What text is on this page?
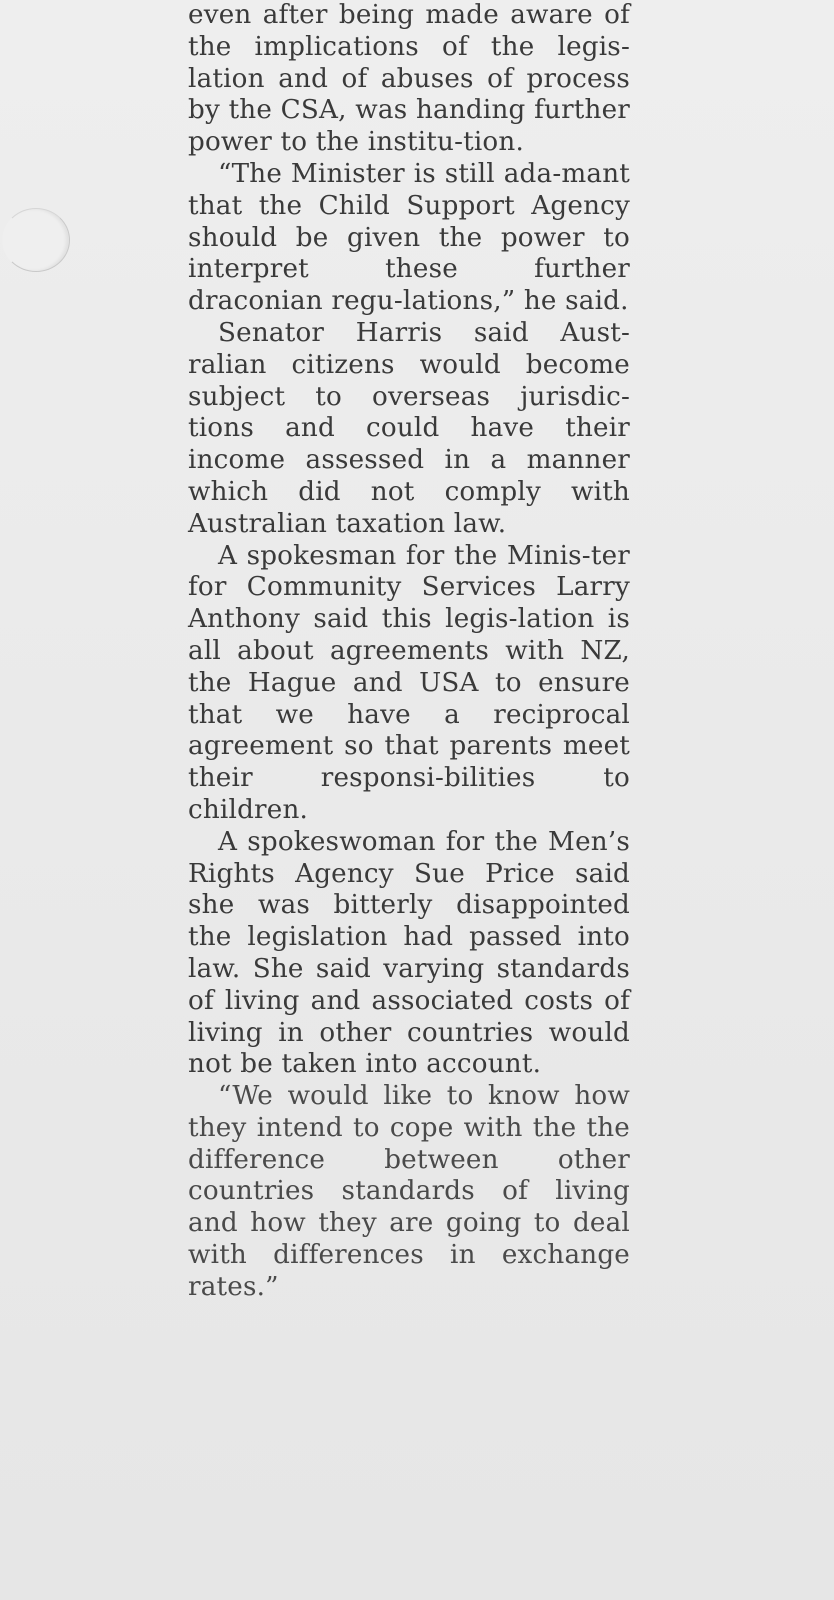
even after being made aware of the implications of the legis-lation and of abuses of process by the CSA, was handing further power to the institu-tion.

“The Minister is still ada-mant that the Child Support Agency should be given the power to interpret these further draconian regu-lations,” he said.

Senator Harris said Aust-ralian citizens would become subject to overseas jurisdic-tions and could have their income assessed in a manner which did not comply with Australian taxation law.

A spokesman for the Minis-ter for Community Services Larry Anthony said this legis-lation is all about agreements with NZ, the Hague and USA to ensure that we have a reciprocal agreement so that parents meet their responsi-bilities to children.

A spokeswoman for the Men’s Rights Agency Sue Price said she was bitterly disappointed the legislation had passed into law. She said varying standards of living and associated costs of living in other countries would not be taken into account.

“We would like to know how they intend to cope with the the difference between other countries standards of living and how they are going to deal with differences in exchange rates.”
